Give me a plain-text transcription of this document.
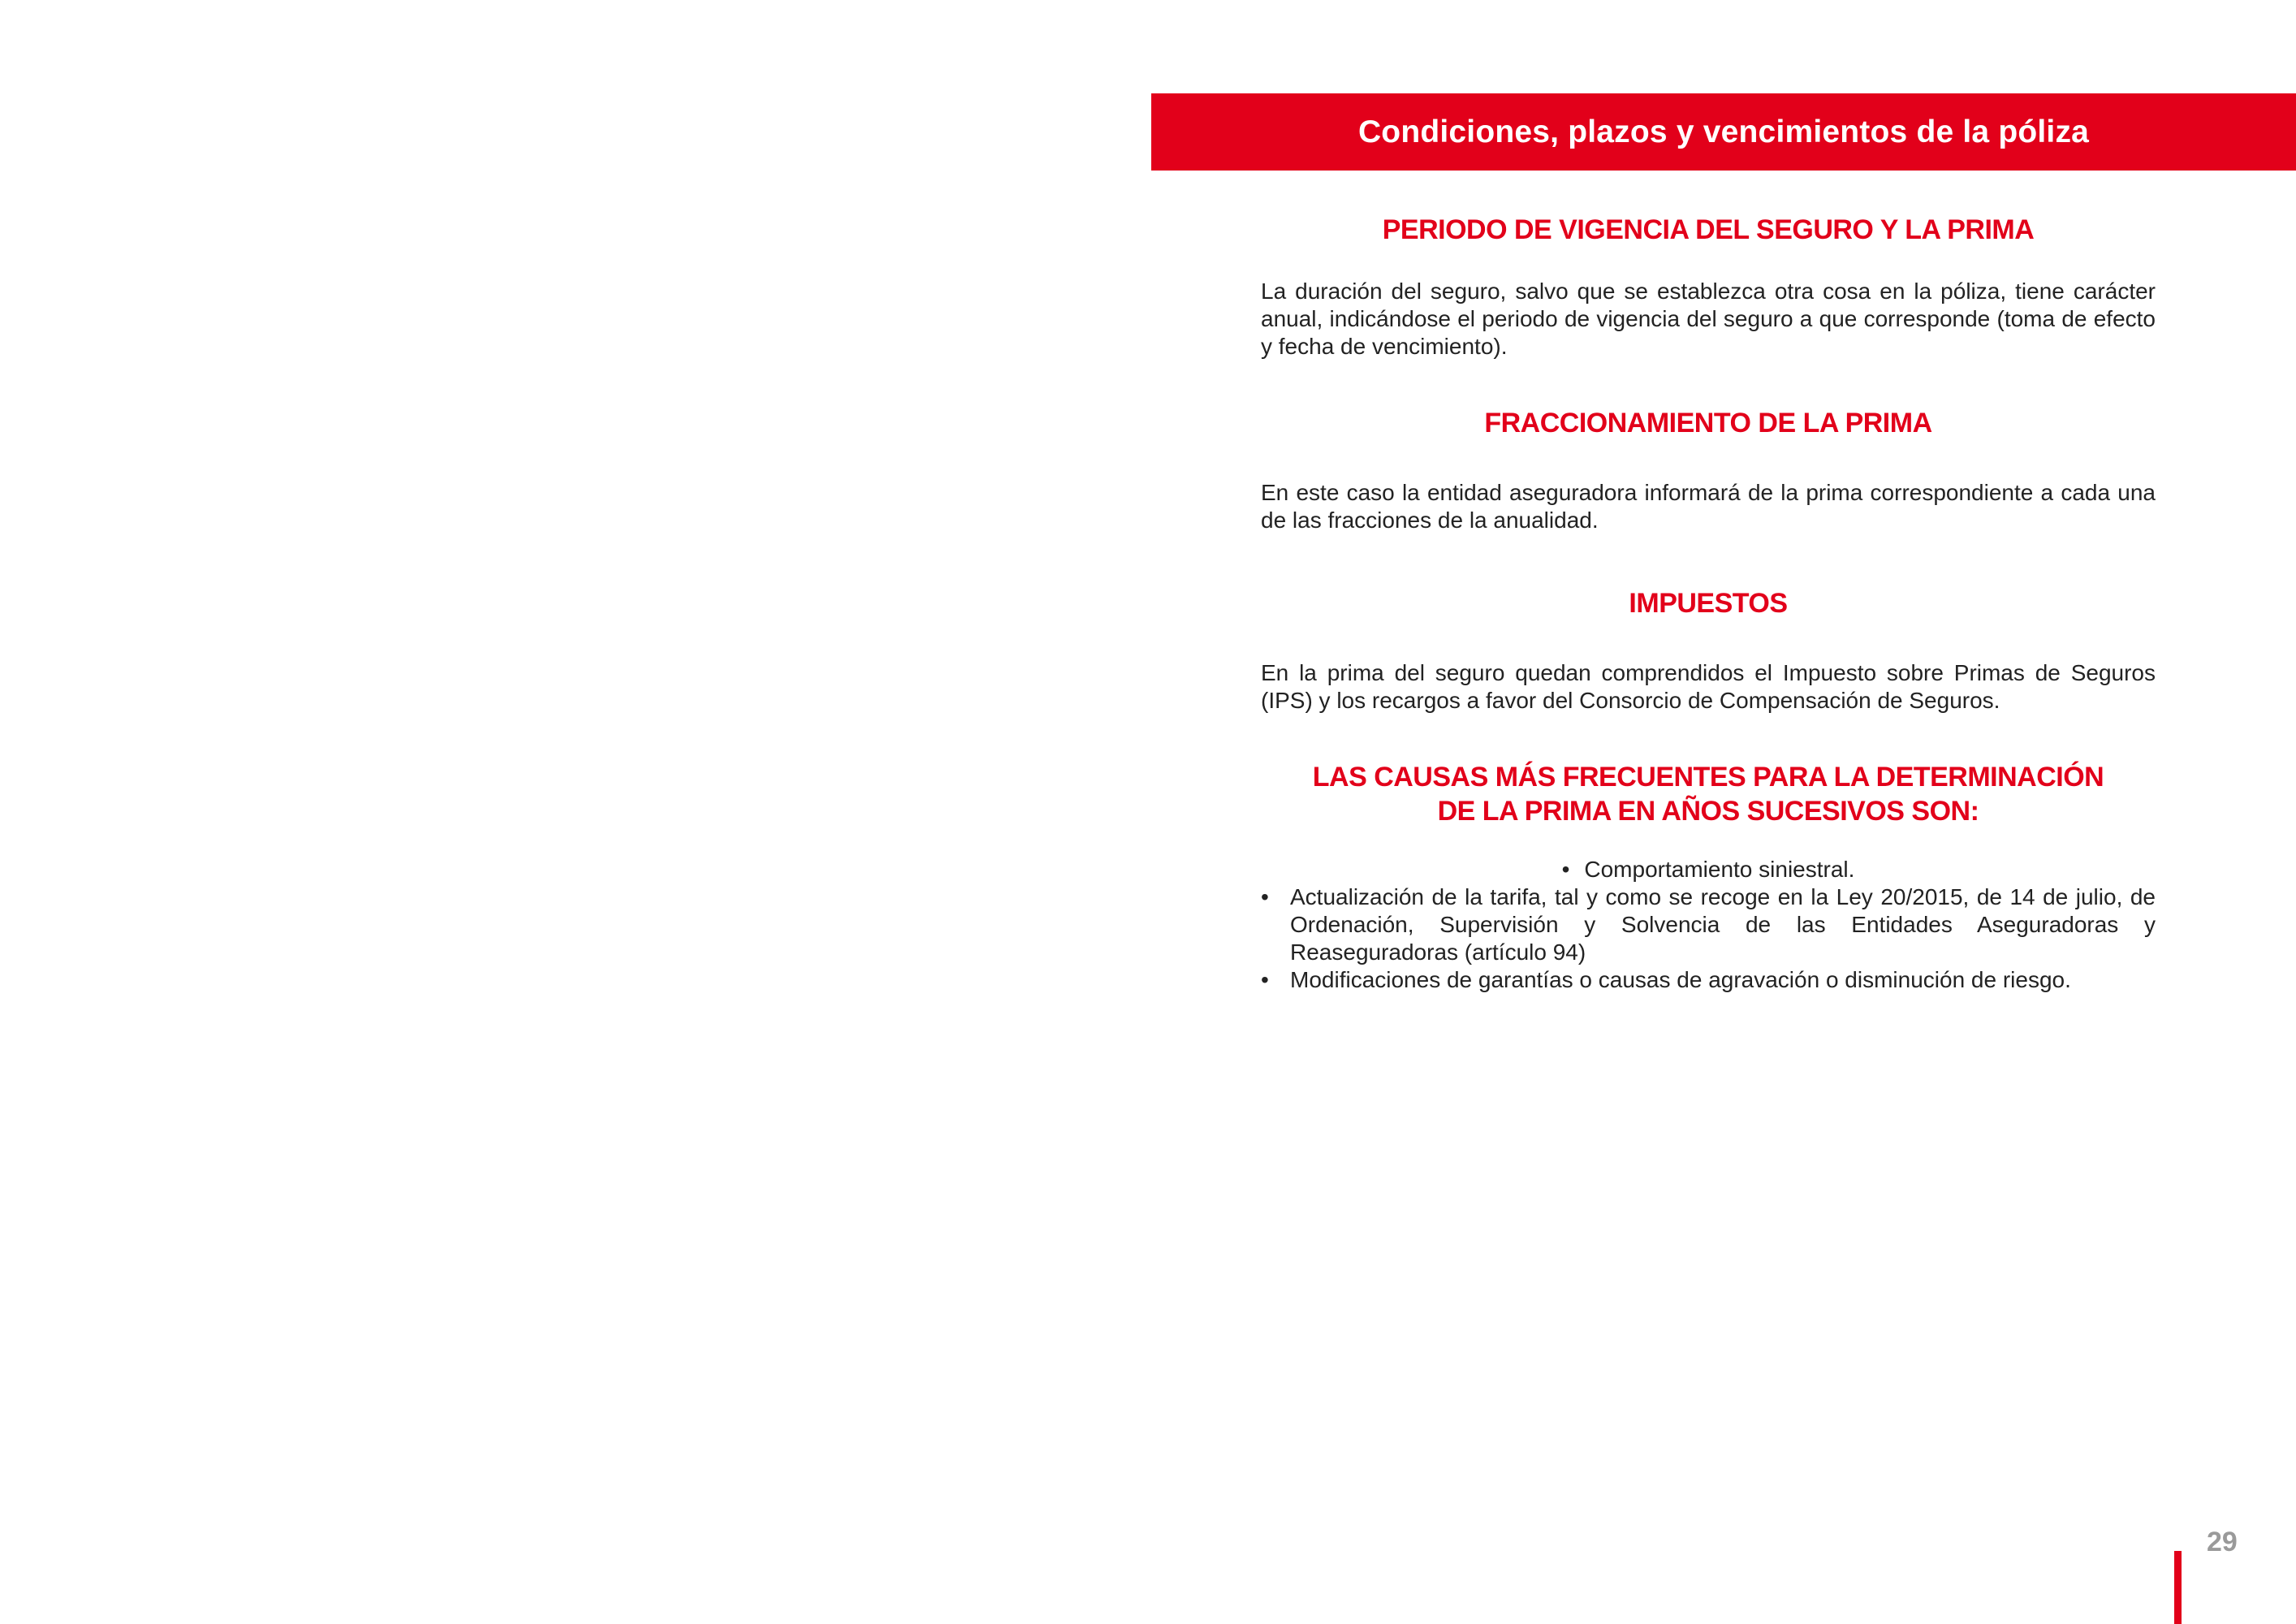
Condiciones, plazos y vencimientos de la póliza
PERIODO DE VIGENCIA DEL SEGURO Y LA PRIMA

La duración del seguro, salvo que se establezca otra cosa en la póliza, tiene carácter anual, indicándose el periodo de vigencia del seguro a que corresponde (toma de efecto y fecha de vencimiento).

FRACCIONAMIENTO DE LA PRIMA

En este caso la entidad aseguradora informará de la prima correspondiente a cada una de las fracciones de la anualidad.

IMPUESTOS

En la prima del seguro quedan comprendidos el Impuesto sobre Primas de Seguros (IPS) y los recargos a favor del Consorcio de Compensación de Seguros.

LAS CAUSAS MÁS FRECUENTES PARA LA DETERMINACIÓN
DE LA PRIMA EN AÑOS SUCESIVOS SON:
• Comportamiento siniestral.
• Actualización de la tarifa, tal y como se recoge en la Ley 20/2015, de 14 de julio, de Ordenación, Supervisión y Solvencia de las Entidades Aseguradoras y Reaseguradoras (artículo 94)
• Modificaciones de garantías o causas de agravación o disminución de riesgo.
29
